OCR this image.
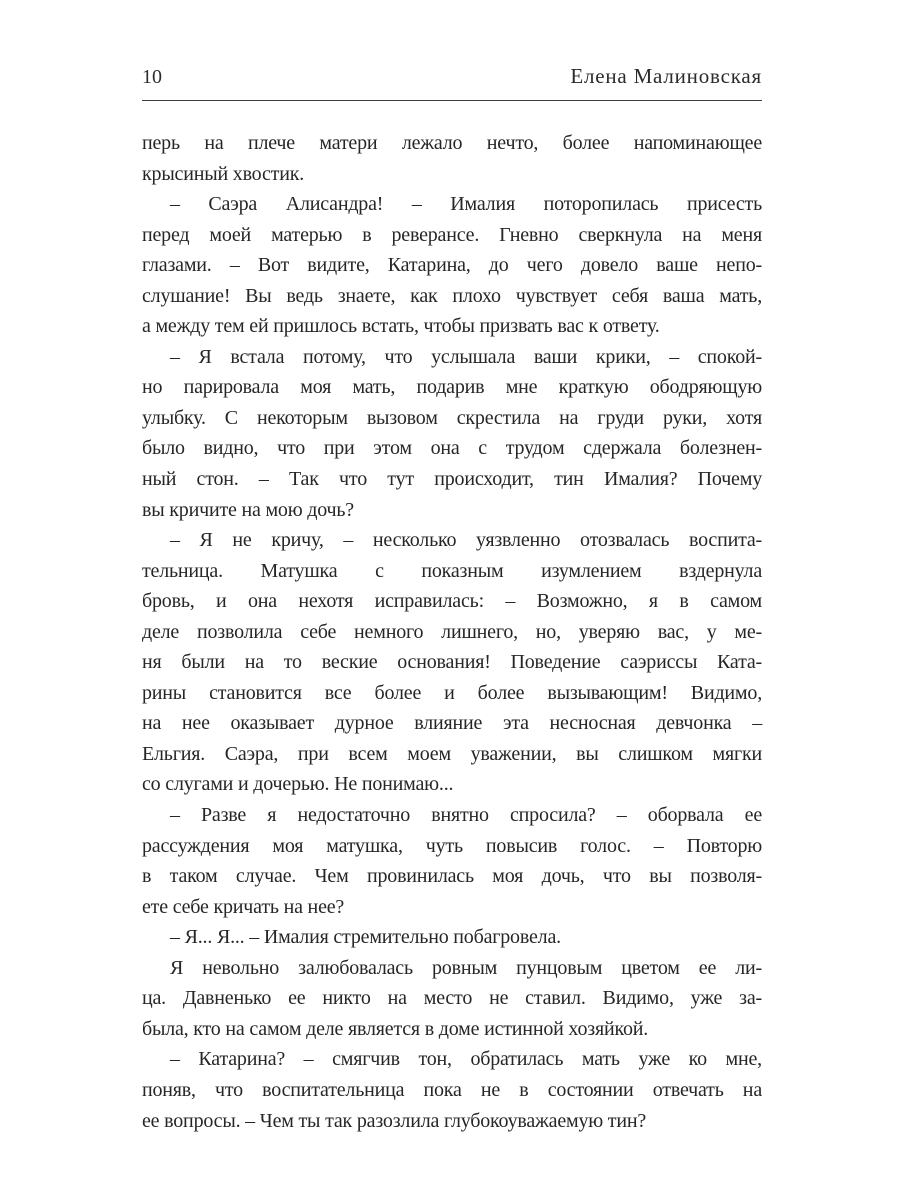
10	Елена Малиновская
перь на плече матери лежало нечто, более напоминающее
крысиный хвостик.
– Саэра Алисандра! – Ималия поторопилась присесть
перед моей матерью в реверансе. Гневно сверкнула на меня
глазами. – Вот видите, Катарина, до чего довело ваше непо-
слушание! Вы ведь знаете, как плохо чувствует себя ваша мать,
а между тем ей пришлось встать, чтобы призвать вас к ответу.
– Я встала потому, что услышала ваши крики, – спокой-
но парировала моя мать, подарив мне краткую ободряющую
улыбку. С некоторым вызовом скрестила на груди руки, хотя
было видно, что при этом она с трудом сдержала болезнен-
ный стон. – Так что тут происходит, тин Ималия? Почему
вы кричите на мою дочь?
– Я не кричу, – несколько уязвленно отозвалась воспита-
тельница. Матушка с показным изумлением вздернула
бровь, и она нехотя исправилась: – Возможно, я в самом
деле позволила себе немного лишнего, но, уверяю вас, у ме-
ня были на то веские основания! Поведение саэриссы Ката-
рины становится все более и более вызывающим! Видимо,
на нее оказывает дурное влияние эта несносная девчонка –
Ельгия. Саэра, при всем моем уважении, вы слишком мягки
со слугами и дочерью. Не понимаю...
– Разве я недостаточно внятно спросила? – оборвала ее
рассуждения моя матушка, чуть повысив голос. – Повторю
в таком случае. Чем провинилась моя дочь, что вы позволя-
ете себе кричать на нее?
– Я... Я... – Ималия стремительно побагровела.
Я невольно залюбовалась ровным пунцовым цветом ее ли-
ца. Давненько ее никто на место не ставил. Видимо, уже за-
была, кто на самом деле является в доме истинной хозяйкой.
– Катарина? – смягчив тон, обратилась мать уже ко мне,
поняв, что воспитательница пока не в состоянии отвечать на
ее вопросы. – Чем ты так разозлила глубокоуважаемую тин?
